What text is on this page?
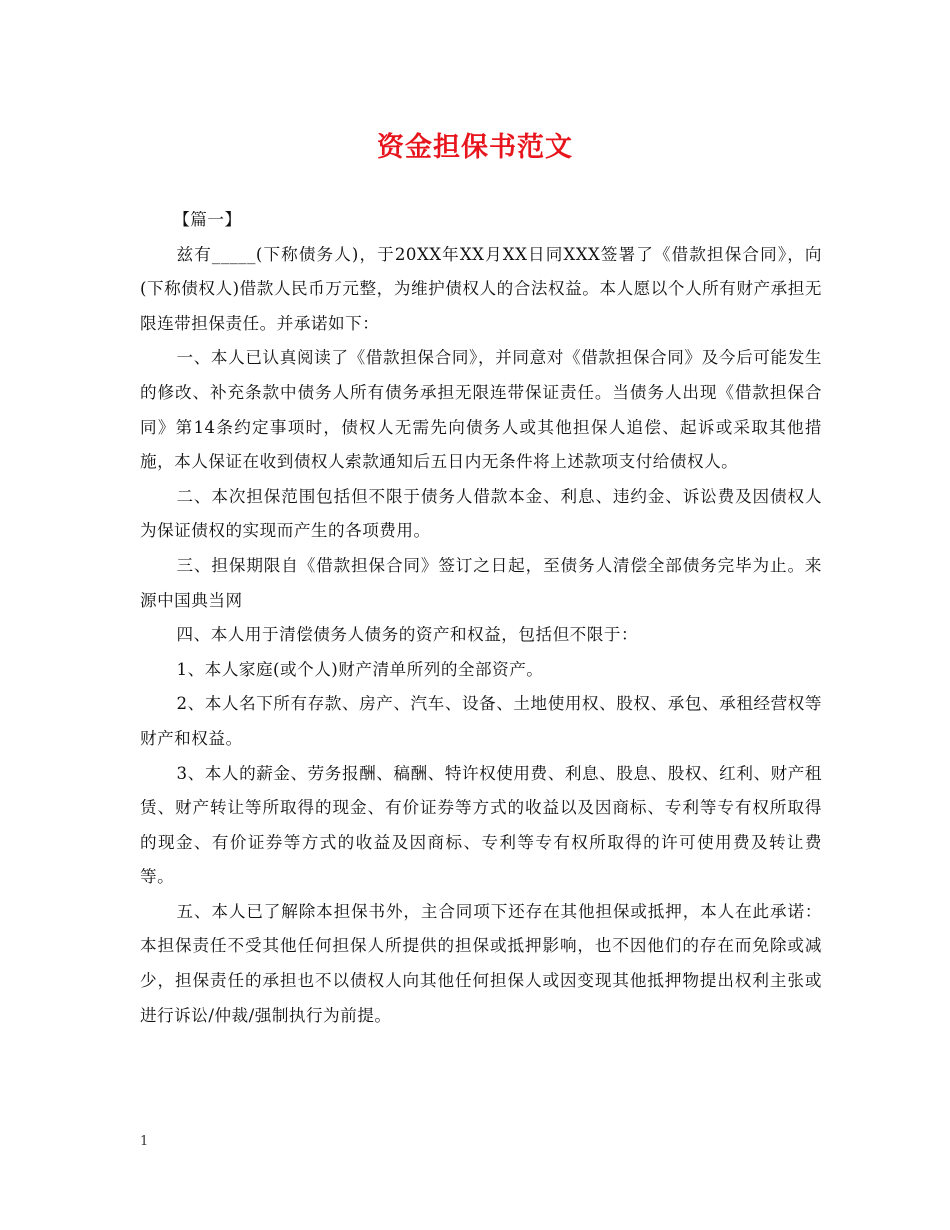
资金担保书范文

【篇一】

兹有_____(下称债务人)，于20XX年XX月XX日同XXX签署了《借款担保合同》，向(下称债权人)借款人民币万元整，为维护债权人的合法权益。本人愿以个人所有财产承担无限连带担保责任。并承诺如下：

一、本人已认真阅读了《借款担保合同》，并同意对《借款担保合同》及今后可能发生的修改、补充条款中债务人所有债务承担无限连带保证责任。当债务人出现《借款担保合同》第14条约定事项时，债权人无需先向债务人或其他担保人追偿、起诉或采取其他措施，本人保证在收到债权人索款通知后五日内无条件将上述款项支付给债权人。

二、本次担保范围包括但不限于债务人借款本金、利息、违约金、诉讼费及因债权人为保证债权的实现而产生的各项费用。

三、担保期限自《借款担保合同》签订之日起，至债务人清偿全部债务完毕为止。来源中国典当网

四、本人用于清偿债务人债务的资产和权益，包括但不限于：

1、本人家庭(或个人)财产清单所列的全部资产。

2、本人名下所有存款、房产、汽车、设备、土地使用权、股权、承包、承租经营权等财产和权益。

3、本人的薪金、劳务报酬、稿酬、特许权使用费、利息、股息、股权、红利、财产租赁、财产转让等所取得的现金、有价证券等方式的收益以及因商标、专利等专有权所取得的现金、有价证券等方式的收益及因商标、专利等专有权所取得的许可使用费及转让费等。

五、本人已了解除本担保书外，主合同项下还存在其他担保或抵押，本人在此承诺：本担保责任不受其他任何担保人所提供的担保或抵押影响，也不因他们的存在而免除或减少，担保责任的承担也不以债权人向其他任何担保人或因变现其他抵押物提出权利主张或进行诉讼/仲裁/强制执行为前提。

1
